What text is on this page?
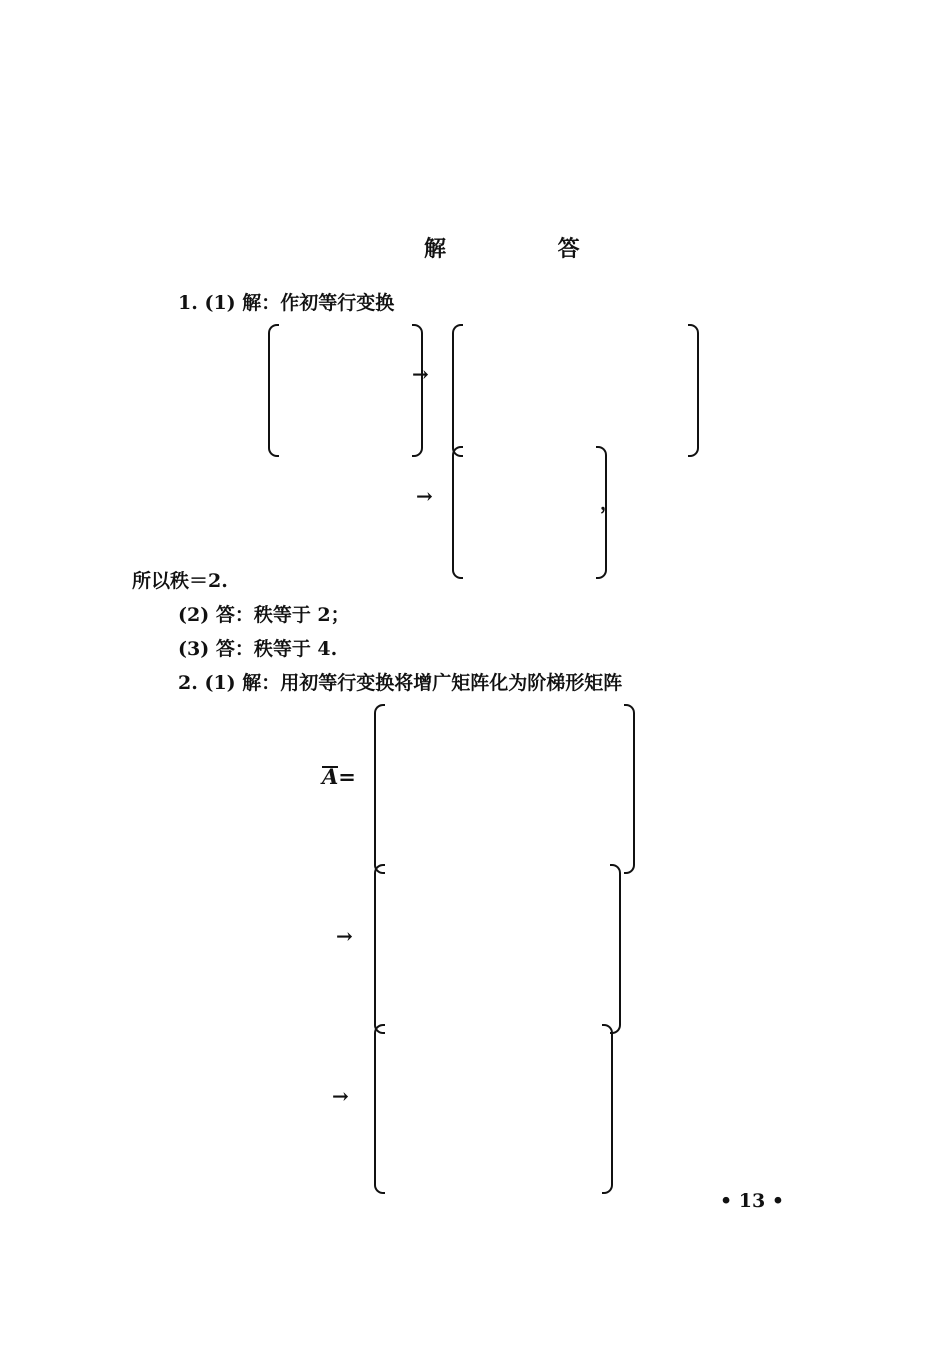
解 答
1. (1) 解：作初等行变换
→
→	，
所以秩＝2.
(2) 答：秩等于 2；
(3) 答：秩等于 4.
2. (1) 解：用初等行变换将增广矩阵化为阶梯形矩阵
A=
→
→
• 13 •
